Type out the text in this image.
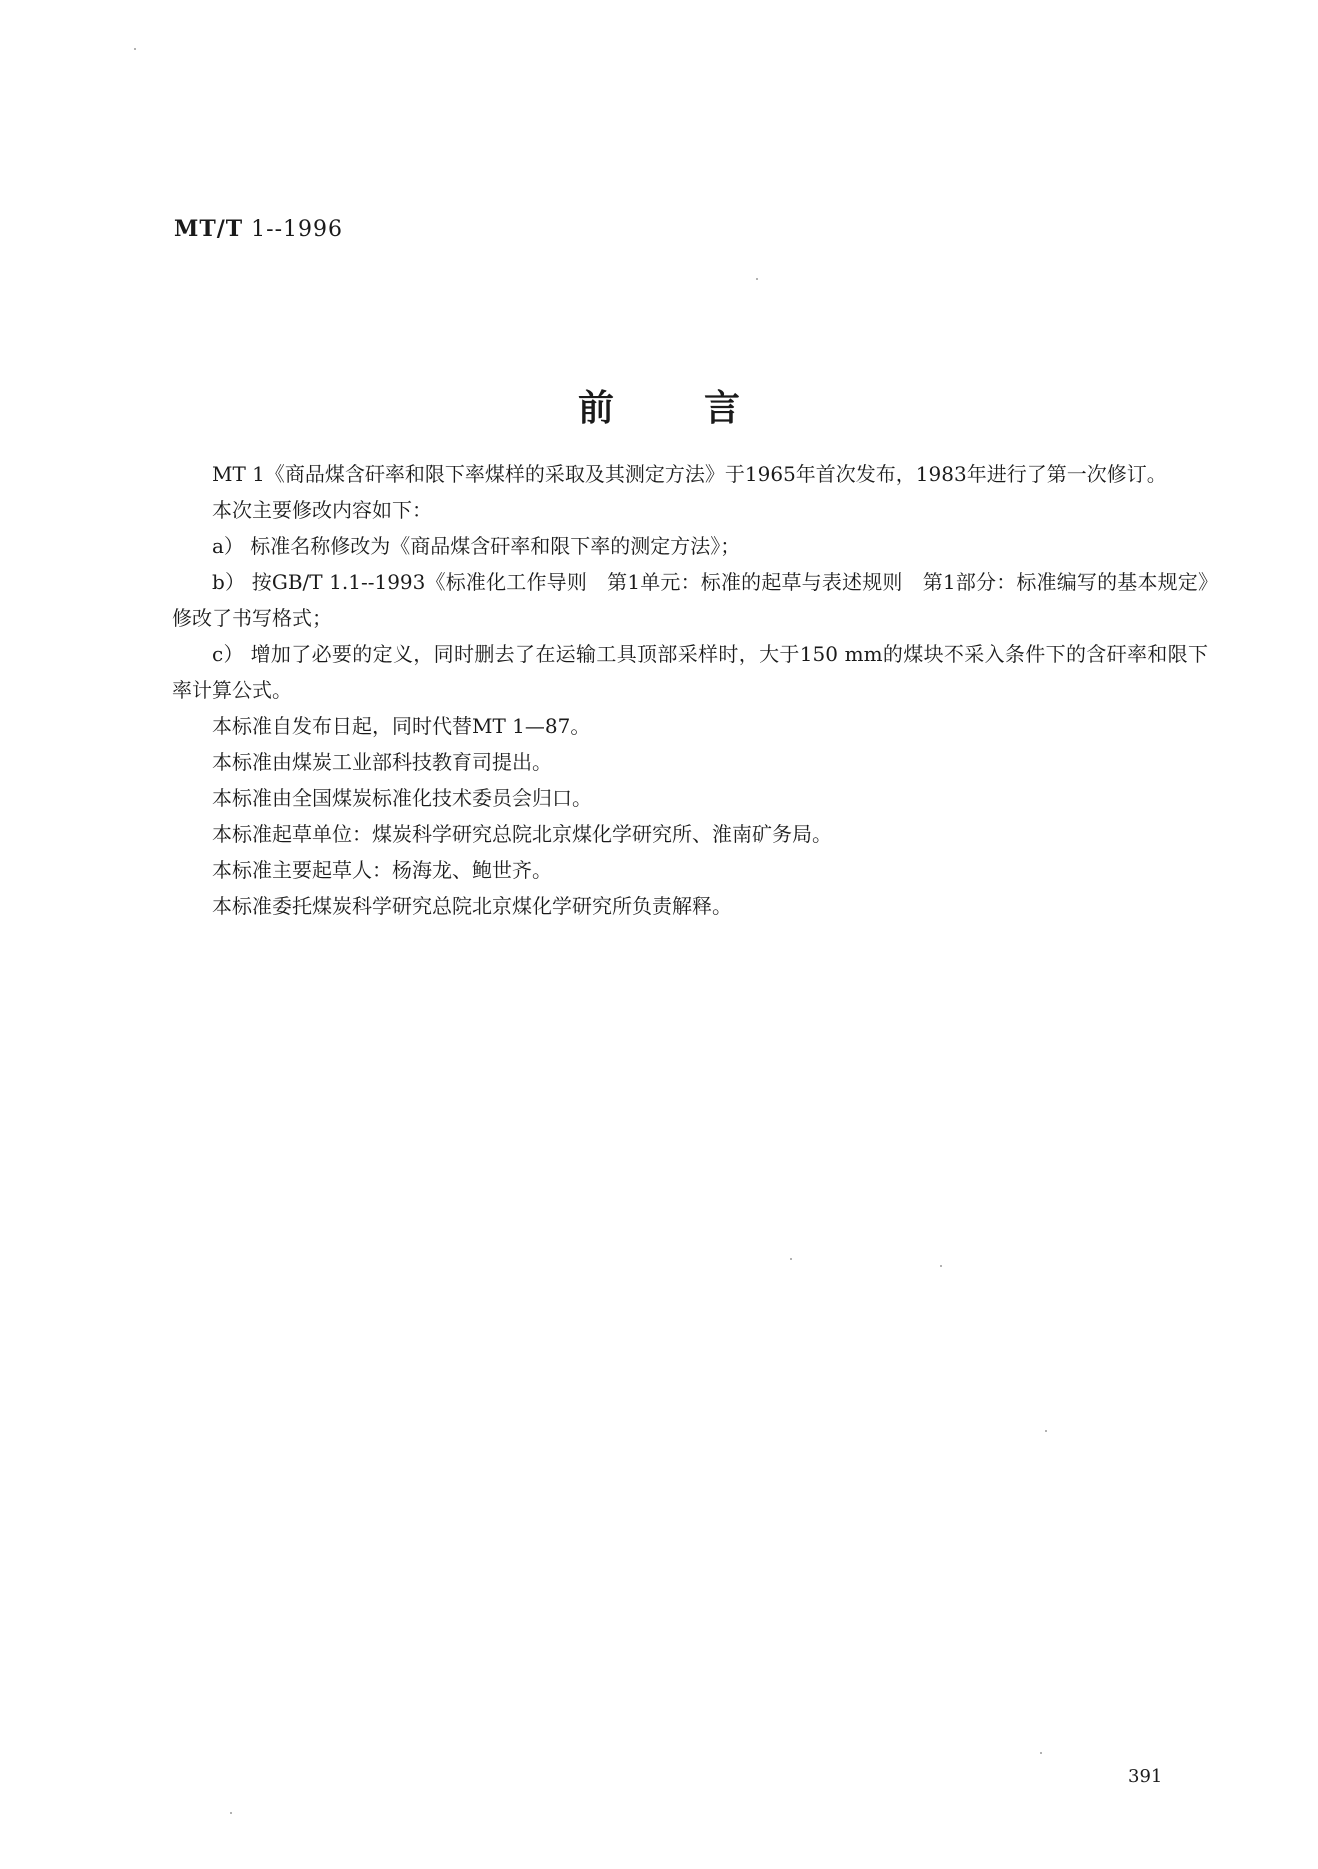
MT/T 1--1996
前言

MT 1《商品煤含矸率和限下率煤样的采取及其测定方法》于1965年首次发布，1983年进行了第一次修订。

本次主要修改内容如下：

a） 标准名称修改为《商品煤含矸率和限下率的测定方法》；

b） 按GB/T 1.1--1993《标准化工作导则　第1单元：标准的起草与表述规则　第1部分：标准编写的基本规定》修改了书写格式；

c） 增加了必要的定义，同时删去了在运输工具顶部采样时，大于150 mm的煤块不采入条件下的含矸率和限下率计算公式。

本标准自发布日起，同时代替MT 1—87。

本标准由煤炭工业部科技教育司提出。

本标准由全国煤炭标准化技术委员会归口。

本标准起草单位：煤炭科学研究总院北京煤化学研究所、淮南矿务局。

本标准主要起草人：杨海龙、鲍世齐。

本标准委托煤炭科学研究总院北京煤化学研究所负责解释。

391
